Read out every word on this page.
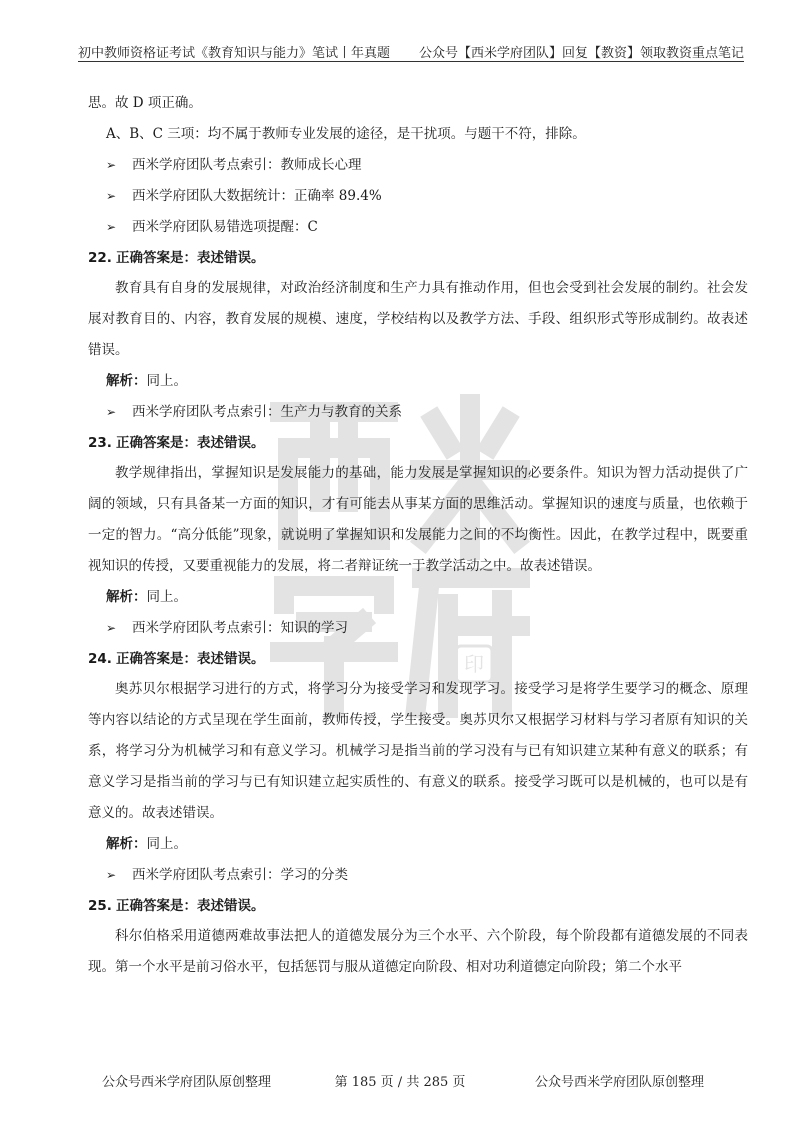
初中教师资格证考试《教育知识与能力》笔试丨年真题 公众号【西米学府团队】回复【教资】领取教资重点笔记
印

思。故 D 项正确。

A、B、C 三项：均不属于教师专业发展的途径，是干扰项。与题干不符，排除。

➢ 西米学府团队考点索引：教师成长心理

➢ 西米学府团队大数据统计：正确率 89.4%

➢ 西米学府团队易错选项提醒：C

22. 正确答案是：表述错误。

教育具有自身的发展规律，对政治经济制度和生产力具有推动作用，但也会受到社会发展的制约。社会发展对教育目的、内容，教育发展的规模、速度，学校结构以及教学方法、手段、组织形式等形成制约。故表述错误。

解析：同上。

➢ 西米学府团队考点索引：生产力与教育的关系

23. 正确答案是：表述错误。

教学规律指出，掌握知识是发展能力的基础，能力发展是掌握知识的必要条件。知识为智力活动提供了广阔的领域，只有具备某一方面的知识，才有可能去从事某方面的思维活动。掌握知识的速度与质量，也依赖于一定的智力。“高分低能”现象，就说明了掌握知识和发展能力之间的不均衡性。因此，在教学过程中，既要重视知识的传授，又要重视能力的发展，将二者辩证统一于教学活动之中。故表述错误。

解析：同上。

➢ 西米学府团队考点索引：知识的学习

24. 正确答案是：表述错误。

奥苏贝尔根据学习进行的方式，将学习分为接受学习和发现学习。接受学习是将学生要学习的概念、原理等内容以结论的方式呈现在学生面前，教师传授，学生接受。奥苏贝尔又根据学习材料与学习者原有知识的关系，将学习分为机械学习和有意义学习。机械学习是指当前的学习没有与已有知识建立某种有意义的联系；有意义学习是指当前的学习与已有知识建立起实质性的、有意义的联系。接受学习既可以是机械的，也可以是有意义的。故表述错误。

解析：同上。

➢ 西米学府团队考点索引：学习的分类

25. 正确答案是：表述错误。

科尔伯格采用道德两难故事法把人的道德发展分为三个水平、六个阶段，每个阶段都有道德发展的不同表现。第一个水平是前习俗水平，包括惩罚与服从道德定向阶段、相对功利道德定向阶段；第二个水平

公众号西米学府团队原创整理	第 185 页 / 共 285 页	公众号西米学府团队原创整理
